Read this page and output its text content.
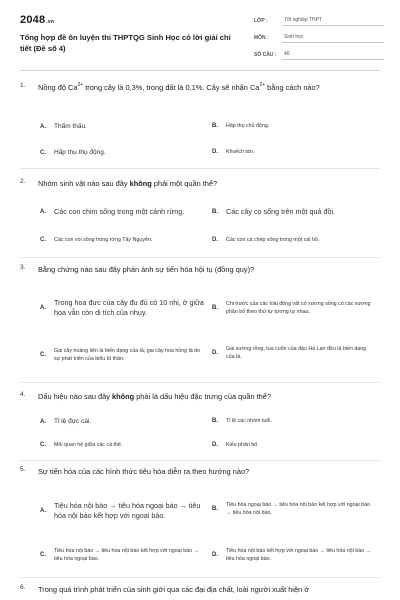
2048.vn
Tổng hợp đề ôn luyện thi THPTQG Sinh Học có lời giải chi tiết (Đề số 4)
LỚP :	Tốt nghiệp THPT
MÔN :	Sinh học
SỐ CÂU :	40
1. Nồng độ $Ca^{2+}$ trong cây là 0,3%, trong đất là 0,1%. Cây sẽ nhận $Ca^{2+}$ bằng cách nào?
A.	Thẩm thấu.	B.	Hấp thụ chủ động.
C.	Hấp thụ thụ động.	D.	Khuếch tán.
2. Nhóm sinh vật nào sau đây không phải một quần thể?
A.	Các con chim sống trong một cánh rừng.	B.	Các cây cọ sống trên một quả đồi.
C.	Các con voi sống trong rừng Tây Nguyên.	D.	Các con cá chép sống trong một cái hồ.
3. Bằng chứng nào sau đây phản ánh sự tiến hóa hội tụ (đồng quy)?
A.
Trong hoa đực của cây đu đủ có 10 nhị, ở giữa hoa vẫn còn di tích của nhụy.	B.
Chi trước của các loài động vật có xương sống có các xương phân bố theo thứ tự tương tự nhau.
C.
Gai cây hoàng liên là biến dạng của lá, gai cây hoa hồng là do sự phát triển của biểu bì thân.
D.
Gai xương rồng, tua cuốn của đậu Hà Lan đều là biến dạng của lá.
4. Dấu hiệu nào sau đây không phải là dấu hiệu đặc trưng của quần thể?
A.	Tỉ lệ đực cái.	B.	Tỉ lệ các nhóm tuổi.
C.	Mối quan hệ giữa các cá thể.	D.	Kiểu phân bố.
5. Sự tiến hóa của các hình thức tiêu hóa diễn ra theo hướng nào?
A.
Tiêu hóa nội bào → tiêu hóa ngoại bào → tiêu hóa nội bào kết hợp với ngoại bào.
B.
Tiêu hóa ngoại bào → tiêu hóa nội bào kết hợp với ngoại bào → tiêu hóa nội bào.
C.
Tiêu hóa nội bào → tiêu hóa nội bào kết hợp với ngoại bào → tiêu hóa ngoại bào.
D.
Tiêu hóa nội bào kết hợp với ngoại bào → tiêu hóa nội bào → tiêu hóa ngoại bào.
6. Trong quá trình phát triển của sinh giới qua các đại địa chất, loài người xuất hiện ở
